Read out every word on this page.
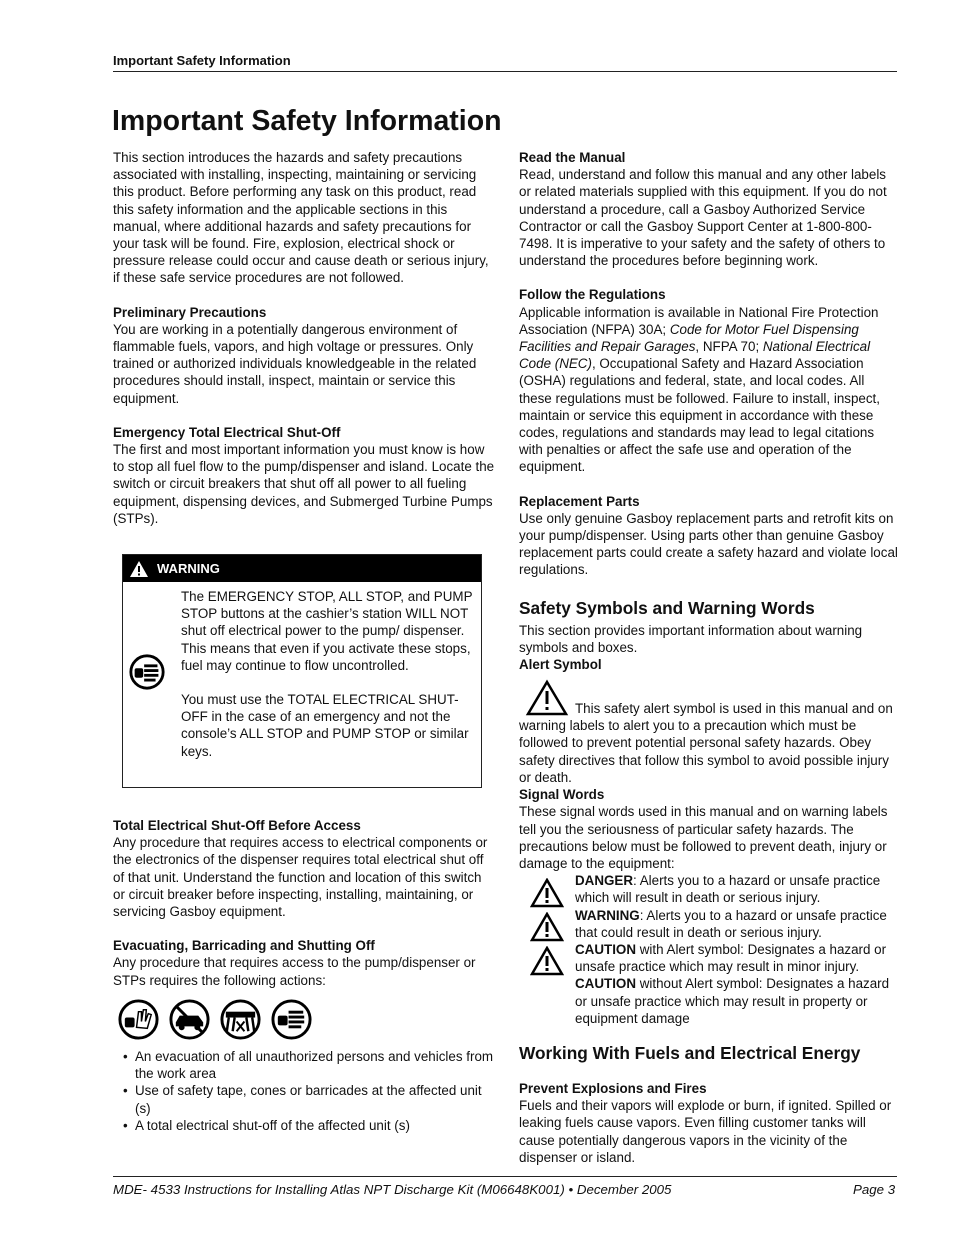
Important Safety Information
Important Safety Information

This section introduces the hazards and safety precautions associated with installing, inspecting, maintaining or servicing this product. Before performing any task on this product, read this safety information and the applicable sections in this manual, where additional hazards and safety precautions for your task will be found. Fire, explosion, electrical shock or pressure release could occur and cause death or serious injury, if these safe service procedures are not followed.

Preliminary Precautions

You are working in a potentially dangerous environment of flammable fuels, vapors, and high voltage or pressures. Only trained or authorized individuals knowledgeable in the related procedures should install, inspect, maintain or service this equipment.

Emergency Total Electrical Shut-Off

The first and most important information you must know is how to stop all fuel flow to the pump/dispenser and island. Locate the switch or circuit breakers that shut off all power to all fueling equipment, dispensing devices, and Submerged Turbine Pumps (STPs).

WARNING

The EMERGENCY STOP, ALL STOP, and PUMP STOP buttons at the cashier’s station WILL NOT shut off electrical power to the pump/ dispenser. This means that even if you activate these stops, fuel may continue to flow uncontrolled.

You must use the TOTAL ELECTRICAL SHUT-OFF in the case of an emergency and not the console’s ALL STOP and PUMP STOP or similar keys.

Total Electrical Shut-Off Before Access

Any procedure that requires access to electrical components or the electronics of the dispenser requires total electrical shut off of that unit. Understand the function and location of this switch or circuit breaker before inspecting, installing, maintaining, or servicing Gasboy equipment.

Evacuating, Barricading and Shutting Off

Any procedure that requires access to the pump/dispenser or STPs requires the following actions:

• An evacuation of all unauthorized persons and vehicles from the work area
• Use of safety tape, cones or barricades at the affected unit (s)
• A total electrical shut-off of the affected unit (s)
Read the Manual

Read, understand and follow this manual and any other labels or related materials supplied with this equipment. If you do not understand a procedure, call a Gasboy Authorized Service Contractor or call the Gasboy Support Center at 1-800-800-7498. It is imperative to your safety and the safety of others to understand the procedures before beginning work.

Follow the Regulations

Applicable information is available in National Fire Protection Association (NFPA) 30A; Code for Motor Fuel Dispensing Facilities and Repair Garages, NFPA 70; National Electrical Code (NEC), Occupational Safety and Hazard Association (OSHA) regulations and federal, state, and local codes. All these regulations must be followed. Failure to install, inspect, maintain or service this equipment in accordance with these codes, regulations and standards may lead to legal citations with penalties or affect the safe use and operation of the equipment.

Replacement Parts

Use only genuine Gasboy replacement parts and retrofit kits on your pump/dispenser. Using parts other than genuine Gasboy replacement parts could create a safety hazard and violate local regulations.

Safety Symbols and Warning Words

This section provides important information about warning symbols and boxes.

Alert Symbol

This safety alert symbol is used in this manual and on warning labels to alert you to a precaution which must be followed to prevent potential personal safety hazards. Obey safety directives that follow this symbol to avoid possible injury or death.

Signal Words

These signal words used in this manual and on warning labels tell you the seriousness of particular safety hazards. The precautions below must be followed to prevent death, injury or damage to the equipment:

DANGER: Alerts you to a hazard or unsafe practice which will result in death or serious injury.

WARNING: Alerts you to a hazard or unsafe practice that could result in death or serious injury.

CAUTION with Alert symbol: Designates a hazard or unsafe practice which may result in minor injury.

CAUTION without Alert symbol: Designates a hazard or unsafe practice which may result in property or equipment damage

Working With Fuels and Electrical Energy
Prevent Explosions and Fires

Fuels and their vapors will explode or burn, if ignited. Spilled or leaking fuels cause vapors. Even filling customer tanks will cause potentially dangerous vapors in the vicinity of the dispenser or island.

MDE- 4533 Instructions for Installing Atlas NPT Discharge Kit (M06648K001) • December 2005	Page 3
